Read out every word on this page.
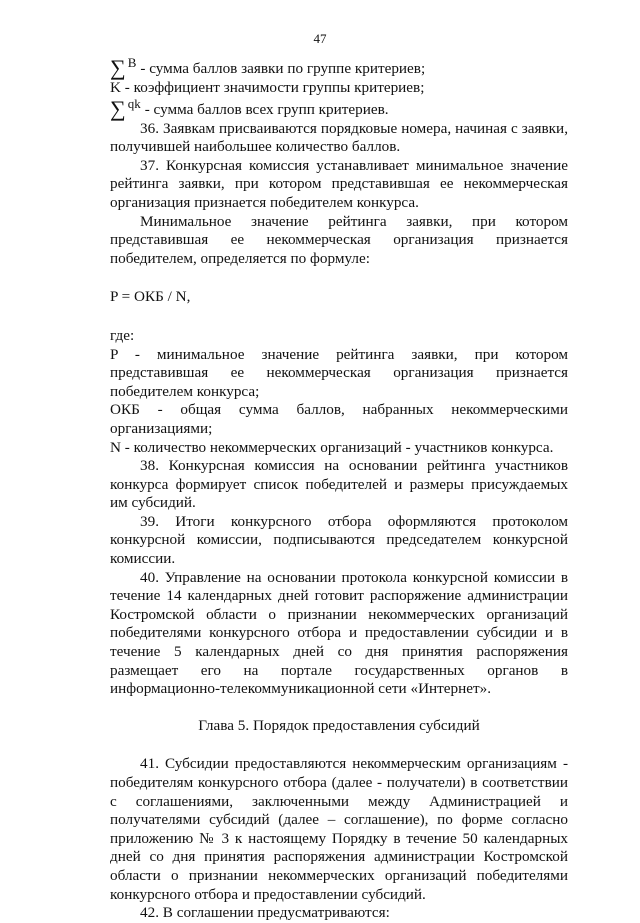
47
∑ B - сумма баллов заявки по группе критериев;

K - коэффициент значимости группы критериев;

∑ qk - сумма баллов всех групп критериев.

36. Заявкам присваиваются порядковые номера, начиная с заявки, получившей наибольшее количество баллов.

37. Конкурсная комиссия устанавливает минимальное значение рейтинга заявки, при котором представившая ее некоммерческая организация признается победителем конкурса.

Минимальное значение рейтинга заявки, при котором представившая ее некоммерческая организация признается победителем, определяется по формуле:

P = ОКБ / N,

где:

P - минимальное значение рейтинга заявки, при котором представившая ее некоммерческая организация признается победителем конкурса;

ОКБ - общая сумма баллов, набранных некоммерческими организациями;

N - количество некоммерческих организаций - участников конкурса.

38. Конкурсная комиссия на основании рейтинга участников конкурса формирует список победителей и размеры присуждаемых им субсидий.

39. Итоги конкурсного отбора оформляются протоколом конкурсной комиссии, подписываются председателем конкурсной комиссии.

40. Управление на основании протокола конкурсной комиссии в течение 14 календарных дней готовит распоряжение администрации Костромской области о признании некоммерческих организаций победителями конкурсного отбора и предоставлении субсидии и в течение 5 календарных дней со дня принятия распоряжения размещает его на портале государственных органов в информационно-телекоммуникационной сети «Интернет».

Глава 5. Порядок предоставления субсидий

41. Субсидии предоставляются некоммерческим организациям - победителям конкурсного отбора (далее - получатели) в соответствии с соглашениями, заключенными между Администрацией и получателями субсидий (далее – соглашение), по форме согласно приложению № 3 к настоящему Порядку в течение 50 календарных дней со дня принятия распоряжения администрации Костромской области о признании некоммерческих организаций победителями конкурсного отбора и предоставлении субсидий.

42. В соглашении предусматриваются:
